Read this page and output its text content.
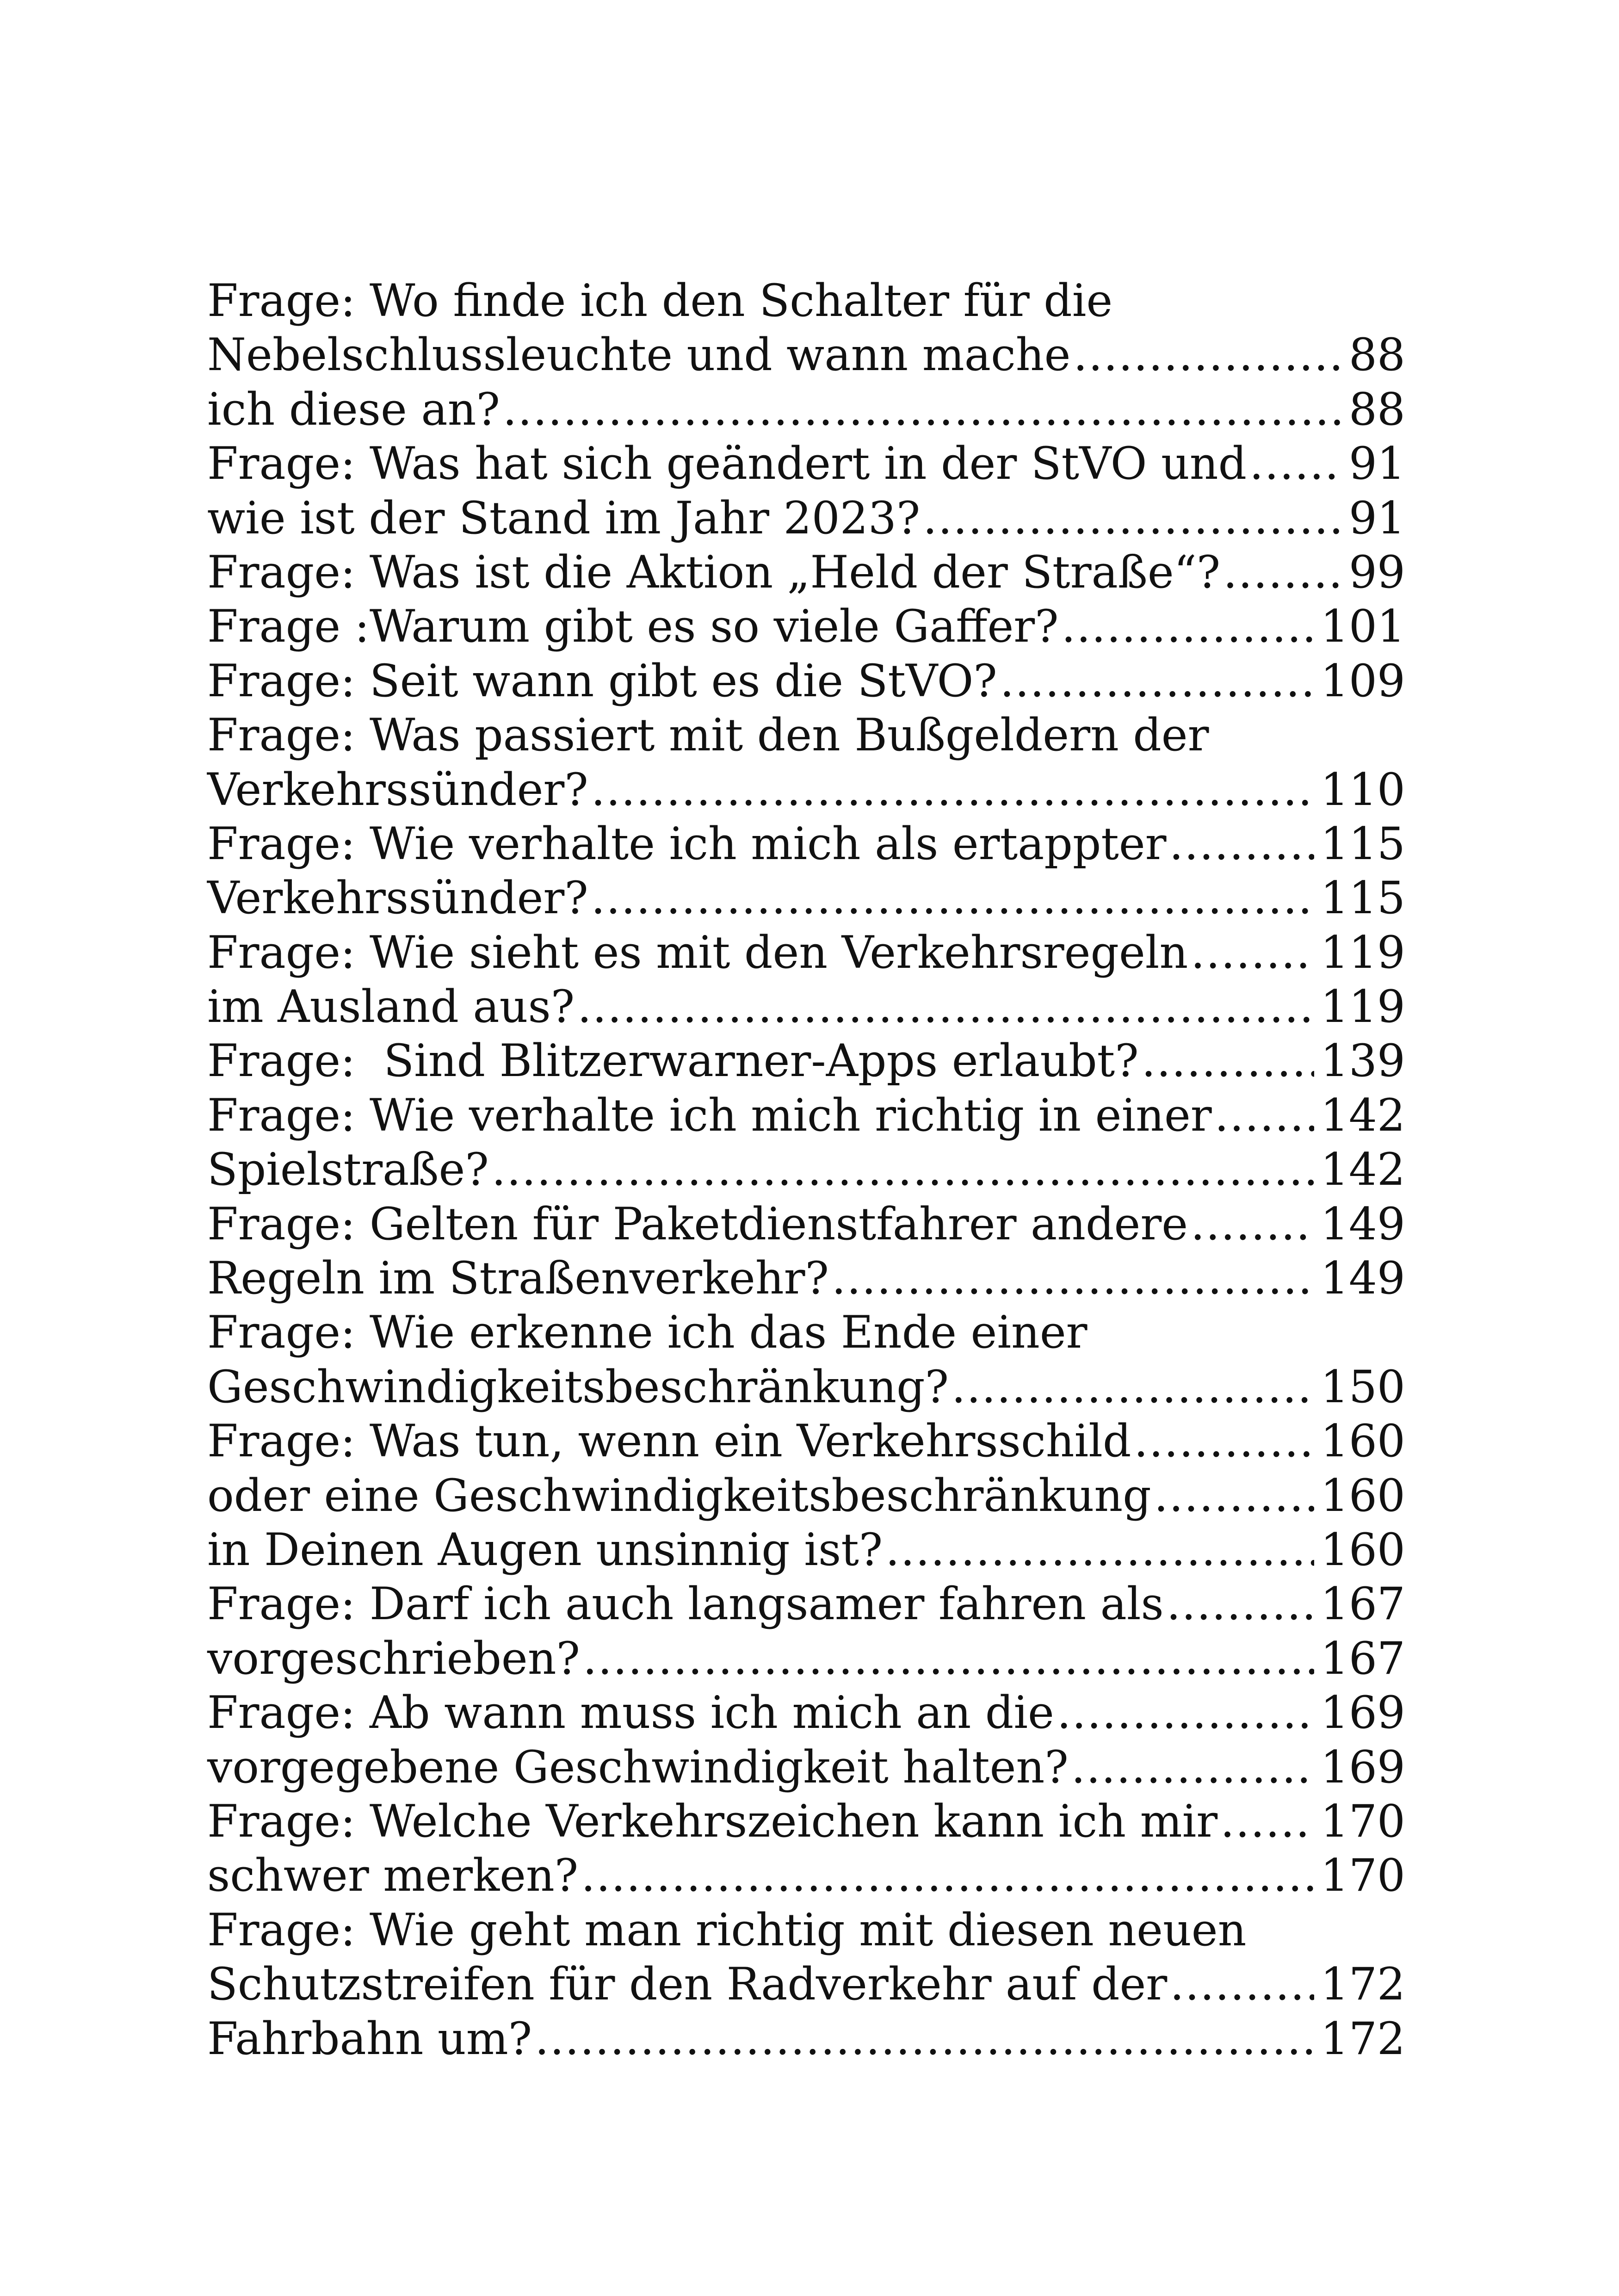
Frage: Wo finde ich den Schalter für die
Nebelschlussleuchte und wann mache .....	88
ich diese an? .....	88
Frage: Was hat sich geändert in der StVO und ..... 91
wie ist der Stand im Jahr 2023? .....	91
Frage: Was ist die Aktion „Held der Straße“? .....	99
Frage :Warum gibt es so viele Gaffer? .....	101
Frage: Seit wann gibt es die StVO? .....	109
Frage: Was passiert mit den Bußgeldern der
Verkehrssünder? .....	110
Frage: Wie verhalte ich mich als ertappter .....	115
Verkehrssünder? .....	115
Frage: Wie sieht es mit den Verkehrsregeln .....	119
im Ausland aus? .....	119
Frage:  Sind Blitzerwarner-Apps erlaubt? .....	139
Frage: Wie verhalte ich mich richtig in einer ..... 142
Spielstraße? .....	142
Frage: Gelten für Paketdienstfahrer andere .....	149
Regeln im Straßenverkehr? .....	149
Frage: Wie erkenne ich das Ende einer
Geschwindigkeitsbeschränkung? .....	150
Frage: Was tun, wenn ein Verkehrsschild .....	160
oder eine Geschwindigkeitsbeschränkung .....	160
in Deinen Augen unsinnig ist? .....	160
Frage: Darf ich auch langsamer fahren als .....	167
vorgeschrieben? .....	167
Frage: Ab wann muss ich mich an die .....	169
vorgegebene Geschwindigkeit halten? .....	169
Frage: Welche Verkehrszeichen kann ich mir ..... 170
schwer merken? .....	170
Frage: Wie geht man richtig mit diesen neuen
Schutzstreifen für den Radverkehr auf der .....	172
Fahrbahn um? .....	172
